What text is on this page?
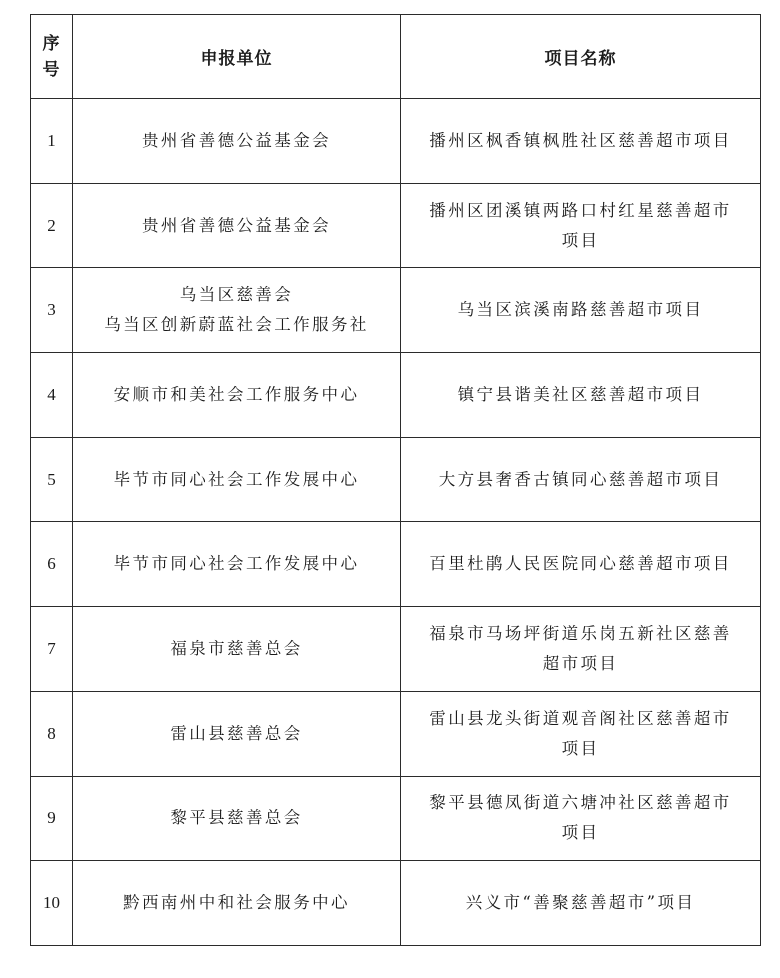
序
号	申报单位	项目名称
1	贵州省善德公益基金会	播州区枫香镇枫胜社区慈善超市项目

2	贵州省善德公益基金会	播州区团溪镇两路口村红星慈善超市
项目

3	乌当区慈善会
乌当区创新蔚蓝社会工作服务社	乌当区滨溪南路慈善超市项目

4	安顺市和美社会工作服务中心	镇宁县谐美社区慈善超市项目

5	毕节市同心社会工作发展中心	大方县奢香古镇同心慈善超市项目

6	毕节市同心社会工作发展中心	百里杜鹃人民医院同心慈善超市项目

7	福泉市慈善总会	福泉市马场坪街道乐岗五新社区慈善
超市项目

8	雷山县慈善总会	雷山县龙头街道观音阁社区慈善超市
项目

9	黎平县慈善总会	黎平县德凤街道六塘冲社区慈善超市
项目

10	黔西南州中和社会服务中心	兴义市“善聚慈善超市”项目
